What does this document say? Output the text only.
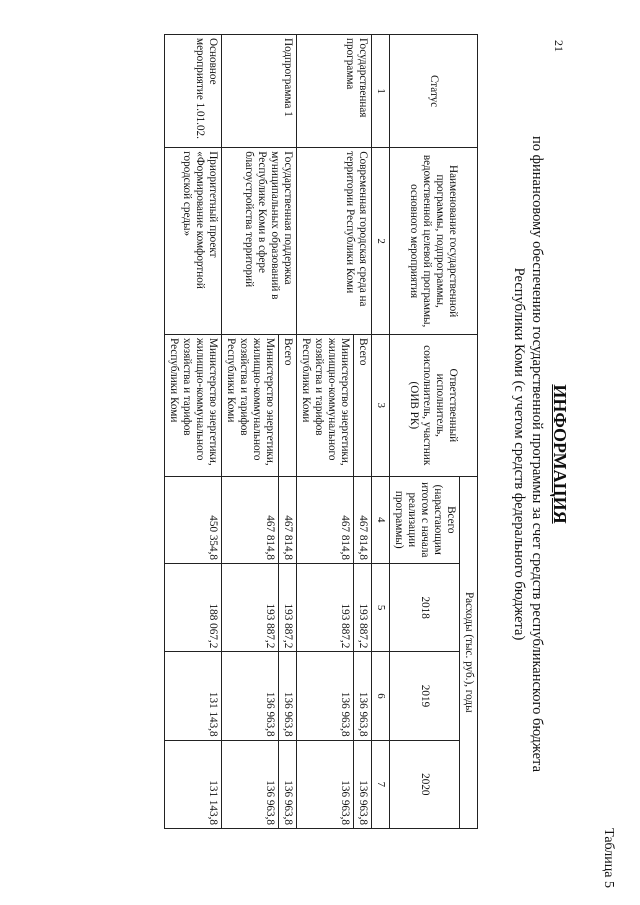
21
Таблица 5
ИНФОРМАЦИЯ
по финансовому обеспечению государственной программы за счет средств республиканского бюджета
Республики Коми (с учетом средств федерального бюджета)
Статус	Наименование государственной программы, подпрограммы, ведомственной целевой программы, основного мероприятия	Ответственный исполнитель, соисполнитель, участник (ОИВ РК)	Расходы (тыс. руб.), годы			
			Всего (нарастающим итогом с начала реализации программы)	2018	2019	2020
1	2	3	4	5	6	7
Государственная программа	Современная городская среда на территории Республики Коми	Всего	467 814,8	193 887,2	136 963,8	136 963,8
		Министерство энергетики, жилищно-коммунального хозяйства и тарифов Республики Коми	467 814,8	193 887,2	136 963,8	136 963,8
Подпрограмма 1	Государственная поддержка муниципальных образований в Республике Коми в сфере благоустройства территорий	Всего	467 814,8	193 887,2	136 963,8	136 963,8
		Министерство энергетики, жилищно-коммунального хозяйства и тарифов Республики Коми	467 814,8	193 887,2	136 963,8	136 963,8
Основное мероприятие 1.01.02.	Приоритетный проект «Формирование комфортной городской среды»	Министерство энергетики, жилищно-коммунального хозяйства и тарифов Республики Коми	450 354,8	188 067,2	131 143,8	131 143,8
